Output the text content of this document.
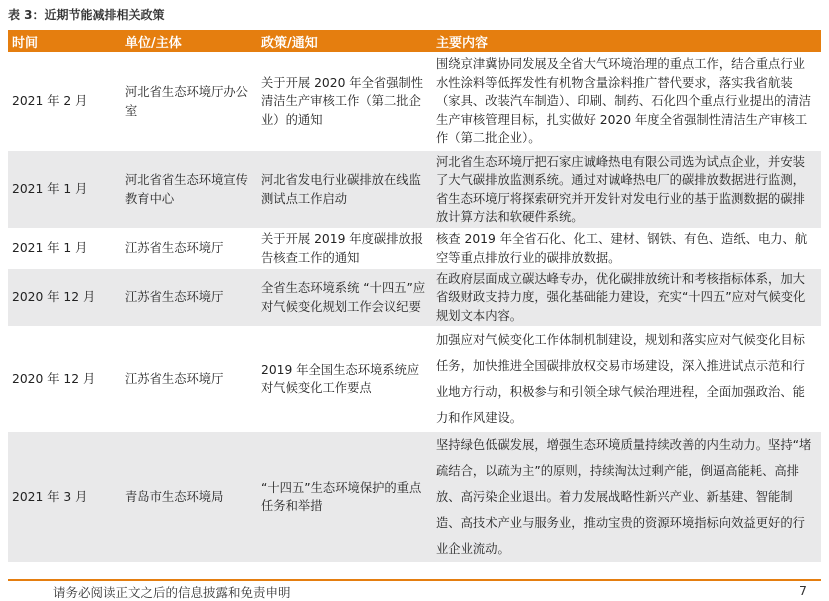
表 3：近期节能减排相关政策
时间	单位/主体	政策/通知	主要内容
2021 年 2 月	河北省生态环境厅办公室	关于开展 2020 年全省强制性清洁生产审核工作（第二批企业）的通知	围绕京津冀协同发展及全省大气环境治理的重点工作，结合重点行业水性涂料等低挥发性有机物含量涂料推广替代要求，落实我省航装（家具、改装汽车制造）、印刷、制药、石化四个重点行业提出的清洁生产审核管理目标，扎实做好 2020 年度全省强制性清洁生产审核工作（第二批企业）。
2021 年 1 月	河北省省生态环境宣传教育中心	河北省发电行业碳排放在线监测试点工作启动	河北省生态环境厅把石家庄诚峰热电有限公司选为试点企业，并安装了大气碳排放监测系统。通过对诚峰热电厂的碳排放数据进行监测，省生态环境厅将探索研究并开发针对发电行业的基于监测数据的碳排放计算方法和软硬件系统。
2021 年 1 月	江苏省生态环境厅	关于开展 2019 年度碳排放报告核查工作的通知	核查 2019 年全省石化、化工、建材、钢铁、有色、造纸、电力、航空等重点排放行业的碳排放数据。
2020 年 12 月	江苏省生态环境厅	全省生态环境系统 “十四五”应对气候变化规划工作会议纪要	在政府层面成立碳达峰专办，优化碳排放统计和考核指标体系，加大省级财政支持力度，强化基础能力建设，充实“十四五”应对气候变化规划文本内容。
2020 年 12 月	江苏省生态环境厅	2019 年全国生态环境系统应对气候变化工作要点	加强应对气候变化工作体制机制建设，规划和落实应对气候变化目标任务，加快推进全国碳排放权交易市场建设，深入推进试点示范和行业地方行动，积极参与和引领全球气候治理进程，全面加强政治、能力和作风建设。
2021 年 3 月	青岛市生态环境局	“十四五”生态环境保护的重点任务和举措	坚持绿色低碳发展，增强生态环境质量持续改善的内生动力。坚持“堵疏结合，以疏为主”的原则，持续淘汰过剩产能，倒逼高能耗、高排放、高污染企业退出。着力发展战略性新兴产业、新基建、智能制造、高技术产业与服务业，推动宝贵的资源环境指标向效益更好的行业企业流动。
请务必阅读正文之后的信息披露和免责申明	7
